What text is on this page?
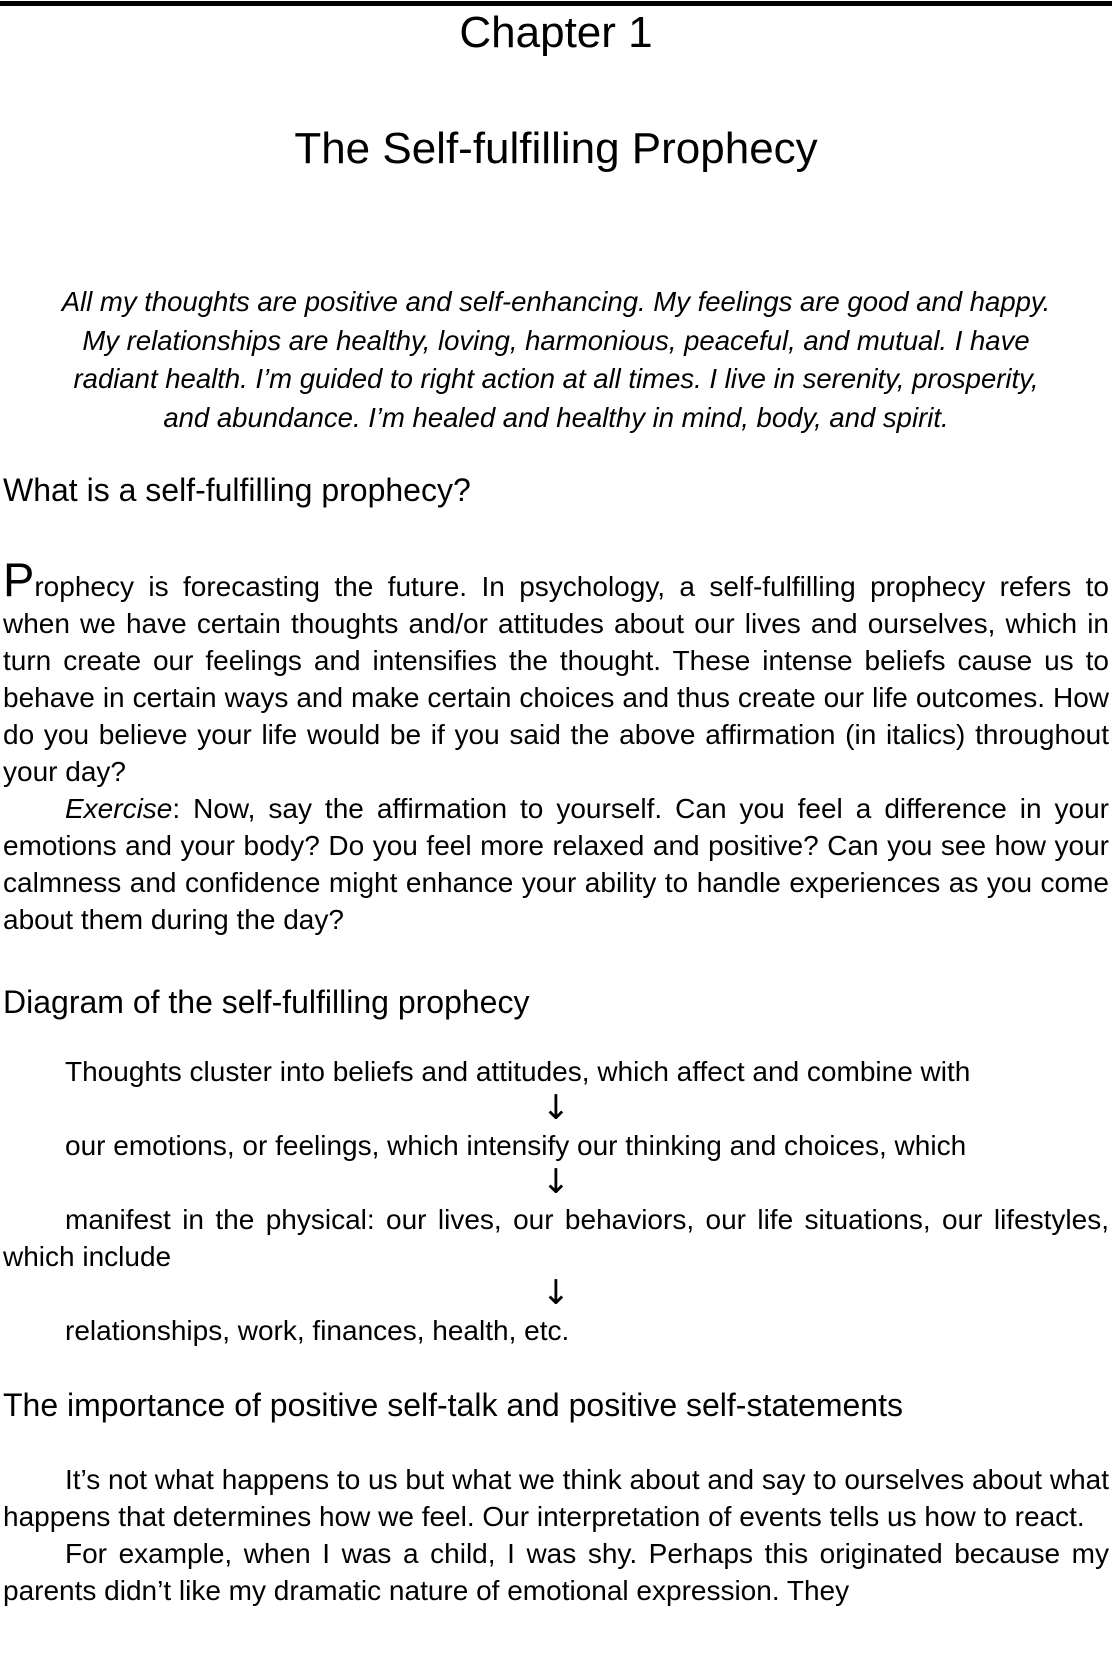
Chapter 1
The Self-fulfilling Prophecy
All my thoughts are positive and self-enhancing. My feelings are good and happy.
My relationships are healthy, loving, harmonious, peaceful, and mutual. I have
radiant health. I’m guided to right action at all times. I live in serenity, prosperity,
and abundance. I’m healed and healthy in mind, body, and spirit.
What is a self-fulfilling prophecy?

Prophecy is forecasting the future. In psychology, a self-fulfilling prophecy refers to when we have certain thoughts and/or attitudes about our lives and ourselves, which in turn create our feelings and intensifies the thought. These intense beliefs cause us to behave in certain ways and make certain choices and thus create our life outcomes. How do you believe your life would be if you said the above affirmation (in italics) throughout your day?

Exercise: Now, say the affirmation to yourself. Can you feel a difference in your emotions and your body? Do you feel more relaxed and positive? Can you see how your calmness and confidence might enhance your ability to handle experiences as you come about them during the day?

Diagram of the self-fulfilling prophecy

Thoughts cluster into beliefs and attitudes, which affect and combine with

↓

our emotions, or feelings, which intensify our thinking and choices, which

↓

manifest in the physical: our lives, our behaviors, our life situations, our lifestyles, which include

↓

relationships, work, finances, health, etc.

The importance of positive self-talk and positive self-statements

It’s not what happens to us but what we think about and say to ourselves about what happens that determines how we feel. Our interpretation of events tells us how to react.

For example, when I was a child, I was shy. Perhaps this originated because my parents didn’t like my dramatic nature of emotional expression. They
